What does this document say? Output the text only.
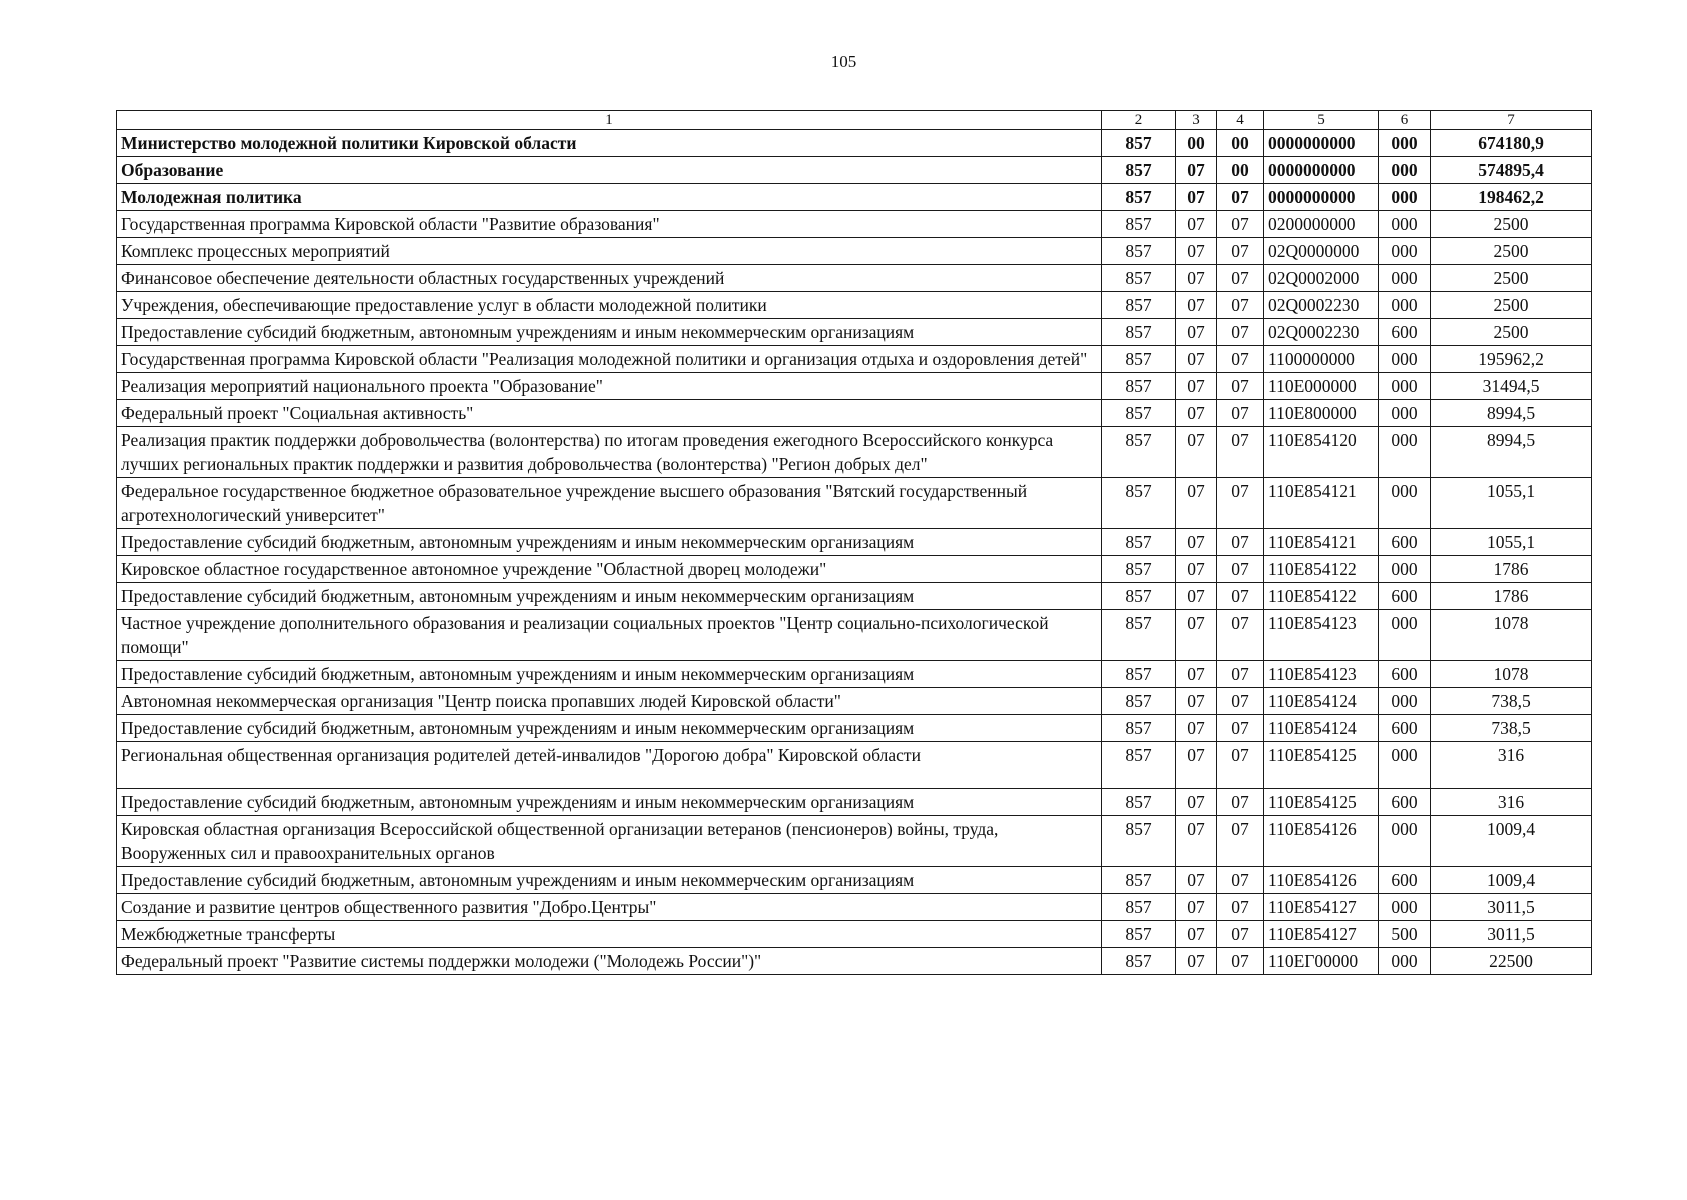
105
1	2	3	4	5	6	7
Министерство молодежной политики Кировской области	857	00	00	0000000000	000	674180,9
Образование	857	07	00	0000000000	000	574895,4
Молодежная политика	857	07	07	0000000000	000	198462,2
Государственная программа Кировской области "Развитие образования"	857	07	07	0200000000	000	2500
Комплекс процессных мероприятий	857	07	07	02Q0000000	000	2500
Финансовое обеспечение деятельности областных государственных учреждений	857	07	07	02Q0002000	000	2500
Учреждения, обеспечивающие предоставление услуг в области молодежной политики	857	07	07	02Q0002230	000	2500
Предоставление субсидий бюджетным, автономным учреждениям и иным некоммерческим организациям	857	07	07	02Q0002230	600	2500
Государственная программа Кировской области "Реализация молодежной политики и организация отдыха и оздоровления детей"	857	07	07	1100000000	000	195962,2
Реализация мероприятий национального проекта "Образование"	857	07	07	110E000000	000	31494,5
Федеральный проект "Социальная активность"	857	07	07	110E800000	000	8994,5
Реализация практик поддержки добровольчества (волонтерства) по итогам проведения ежегодного Всероссийского конкурса лучших региональных практик поддержки и развития добровольчества (волонтерства) "Регион добрых дел"	857	07	07	110E854120	000	8994,5
Федеральное государственное бюджетное образовательное учреждение высшего образования "Вятский государственный агротехнологический университет"	857	07	07	110E854121	000	1055,1
Предоставление субсидий бюджетным, автономным учреждениям и иным некоммерческим организациям	857	07	07	110E854121	600	1055,1
Кировское областное государственное автономное учреждение "Областной дворец молодежи"	857	07	07	110E854122	000	1786
Предоставление субсидий бюджетным, автономным учреждениям и иным некоммерческим организациям	857	07	07	110E854122	600	1786
Частное учреждение дополнительного образования и реализации социальных проектов "Центр социально-психологической помощи"	857	07	07	110E854123	000	1078
Предоставление субсидий бюджетным, автономным учреждениям и иным некоммерческим организациям	857	07	07	110E854123	600	1078
Автономная некоммерческая организация "Центр поиска пропавших людей Кировской области"	857	07	07	110E854124	000	738,5
Предоставление субсидий бюджетным, автономным учреждениям и иным некоммерческим организациям	857	07	07	110E854124	600	738,5
Региональная общественная организация родителей детей-инвалидов "Дорогою добра" Кировской области	857	07	07	110E854125	000	316
Предоставление субсидий бюджетным, автономным учреждениям и иным некоммерческим организациям	857	07	07	110E854125	600	316
Кировская областная организация Всероссийской общественной организации ветеранов (пенсионеров) войны, труда, Вооруженных сил и правоохранительных органов	857	07	07	110E854126	000	1009,4
Предоставление субсидий бюджетным, автономным учреждениям и иным некоммерческим организациям	857	07	07	110E854126	600	1009,4
Создание и развитие центров общественного развития "Добро.Центры"	857	07	07	110E854127	000	3011,5
Межбюджетные трансферты	857	07	07	110E854127	500	3011,5
Федеральный проект "Развитие системы поддержки молодежи ("Молодежь России")"	857	07	07	110EГ00000	000	22500
